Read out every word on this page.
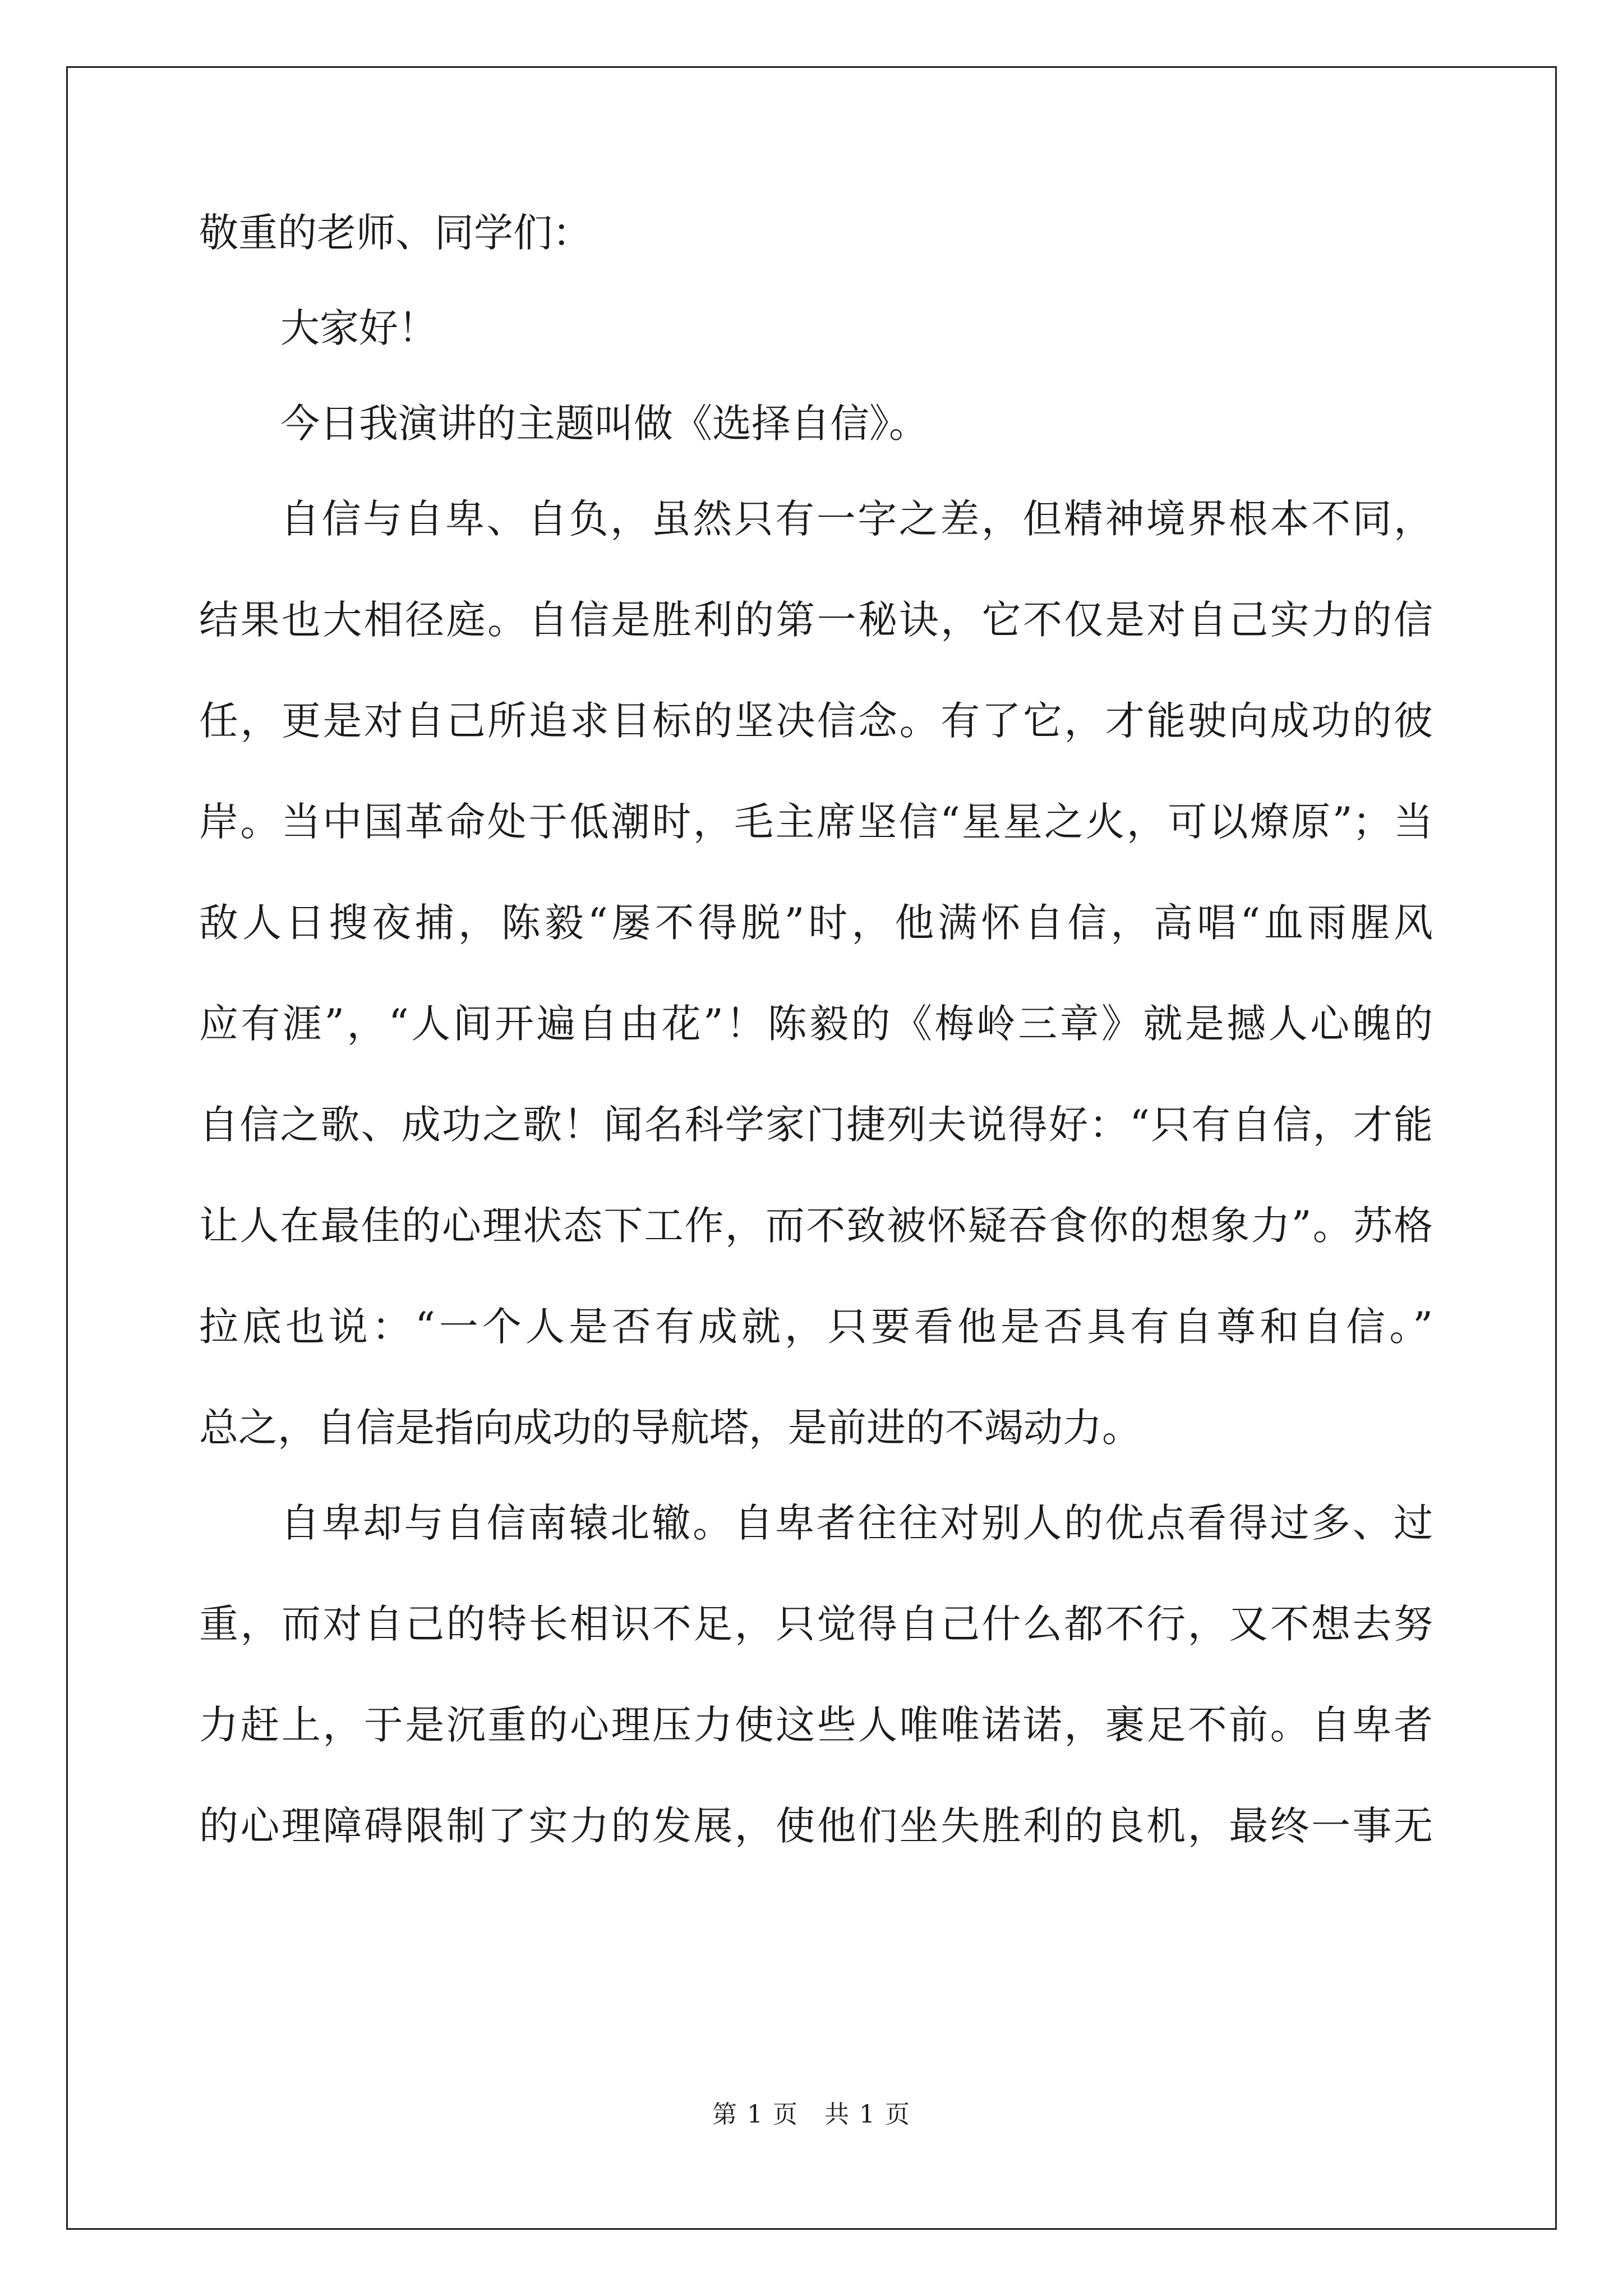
敬重的老师、同学们：
大家好！
今日我演讲的主题叫做《选择自信》。
自信与自卑、自负，虽然只有一字之差，但精神境界根本不同，
结果也大相径庭。自信是胜利的第一秘诀，它不仅是对自己实力的信
任，更是对自己所追求目标的坚决信念。有了它，才能驶向成功的彼
岸。当中国革命处于低潮时，毛主席坚信“星星之火，可以燎原”；当
敌人日搜夜捕，陈毅“屡不得脱”时，他满怀自信，高唱“血雨腥风
应有涯”，“人间开遍自由花”！陈毅的《梅岭三章》就是撼人心魄的
自信之歌、成功之歌！闻名科学家门捷列夫说得好：“只有自信，才能
让人在最佳的心理状态下工作，而不致被怀疑吞食你的想象力”。苏格
拉底也说：“一个人是否有成就，只要看他是否具有自尊和自信。”
总之，自信是指向成功的导航塔，是前进的不竭动力。
自卑却与自信南辕北辙。自卑者往往对别人的优点看得过多、过
重，而对自己的特长相识不足，只觉得自己什么都不行，又不想去努
力赶上，于是沉重的心理压力使这些人唯唯诺诺，裹足不前。自卑者
的心理障碍限制了实力的发展，使他们坐失胜利的良机，最终一事无
第 1 页　共 1 页
